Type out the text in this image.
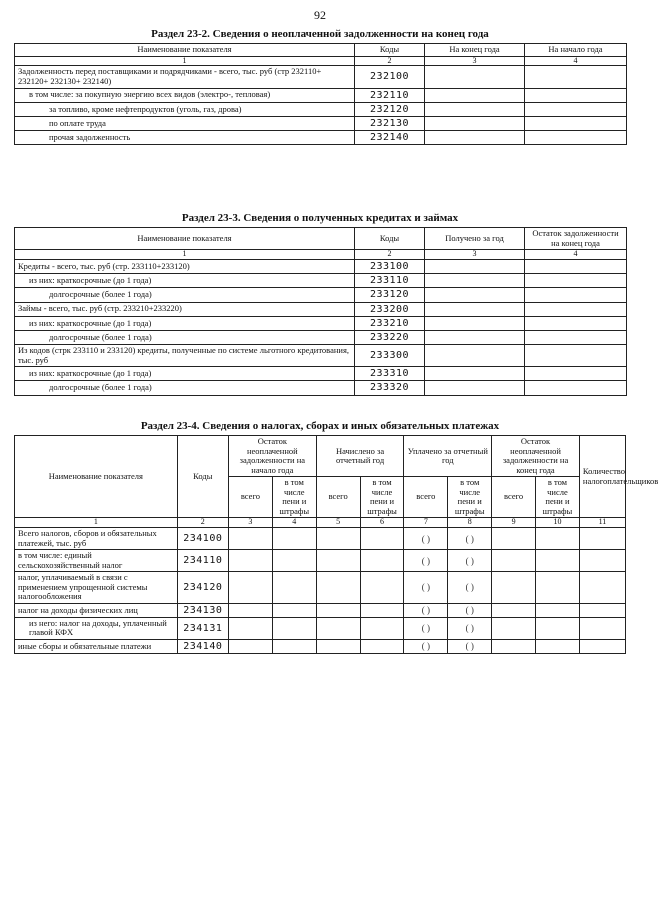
92
Раздел 23-2. Сведения о неоплаченной задолженности на конец года
Наименование показателя	Коды	На конец года	На начало года
1	2	3	4
Задолженность перед поставщиками и подрядчиками - всего, тыс. руб (стр 232110+ 232120+ 232130+ 232140)	232100		
в том числе: за покупную энергию всех видов (электро-, тепловая)	232110		
за топливо, кроме нефтепродуктов (уголь, газ, дрова)	232120		
по оплате труда	232130		
прочая задолженность	232140		
Раздел 23-3. Сведения о полученных кредитах и займах
Наименование показателя	Коды	Получено за год	Остаток задолженности на конец года
1	2	3	4
Кредиты - всего, тыс. руб (стр. 233110+233120)	233100		
из них: краткосрочные (до 1 года)	233110		
долгосрочные (более 1 года)	233120		
Займы - всего, тыс. руб (стр. 233210+233220)	233200		
из них: краткосрочные (до 1 года)	233210		
долгосрочные (более 1 года)	233220		
Из кодов (стрк 233110 и 233120) кредиты, полученные по системе льготного кредитования, тыс. руб	233300		
из них: краткосрочные (до 1 года)	233310		
долгосрочные (более 1 года)	233320		
Раздел 23-4. Сведения о налогах, сборах и иных обязательных платежах
Наименование показателя	Коды	Остаток неоплаченной задолженности на начало года		Начислено за отчетный год		Уплачено за отчетный год		Остаток неоплаченной задолженности на конец года		Количество налогоплательщиков
		всего	в том числе пени и штрафы	всего	в том числе пени и штрафы	всего	в том числе пени и штрафы	всего	в том числе пени и штрафы	
1	2	3	4	5	6	7	8	9	10	11
Всего налогов, сборов и обязательных платежей, тыс. руб	234100					( )	( )			
в том числе: единый сельскохозяйственный налог	234110					( )	( )			
налог, уплачиваемый в связи с применением упрощенной системы налогообложения	234120					( )	( )			
налог на доходы физических лиц	234130					( )	( )			
из него: налог на доходы, уплаченный главой КФХ	234131					( )	( )			
иные сборы и обязательные платежи	234140					( )	( )			
